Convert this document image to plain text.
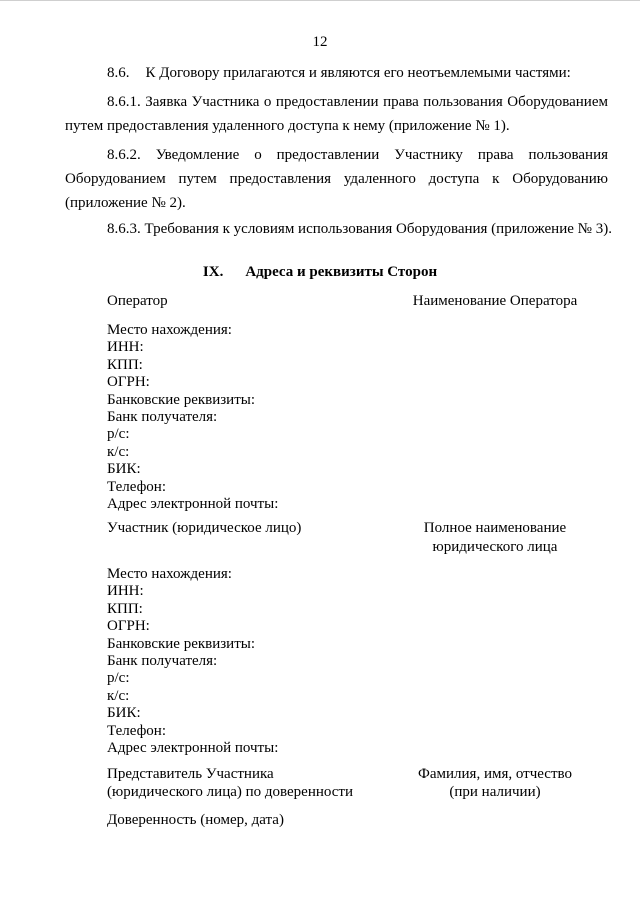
12
8.6. К Договору прилагаются и являются его неотъемлемыми частями:
8.6.1. Заявка Участника о предоставлении права пользования Оборудованием
путем предоставления удаленного доступа к нему (приложение № 1).
8.6.2. Уведомление о предоставлении Участнику права пользования
Оборудованием путем предоставления удаленного доступа к Оборудованию
(приложение № 2).
8.6.3. Требования к условиям использования Оборудования (приложение № 3).
IX. Адреса и реквизиты Сторон
Оператор	Наименование Оператора
Место нахождения:
ИНН:
КПП:
ОГРН:
Банковские реквизиты:
Банк получателя:
р/с:
к/с:
БИК:
Телефон:
Адрес электронной почты:
Участник (юридическое лицо)	Полное наименование
юридического лица
Место нахождения:
ИНН:
КПП:
ОГРН:
Банковские реквизиты:
Банк получателя:
р/с:
к/с:
БИК:
Телефон:
Адрес электронной почты:
Представитель Участника
(юридического лица) по доверенности
Фамилия, имя, отчество
(при наличии)
Доверенность (номер, дата)
